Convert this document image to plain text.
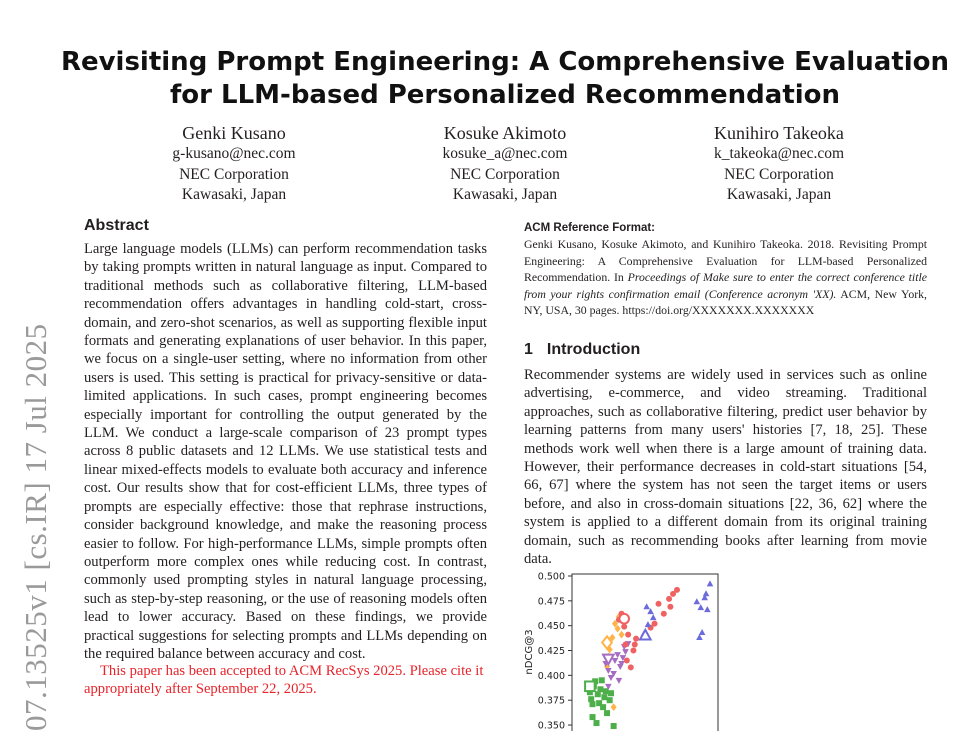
07.13525v1 [cs.IR] 17 Jul 2025
Revisiting Prompt Engineering: A Comprehensive Evaluation for LLM-based Personalized Recommendation
Genki Kusano
g-kusano@nec.com
NEC Corporation
Kawasaki, Japan
Kosuke Akimoto
kosuke_a@nec.com
NEC Corporation
Kawasaki, Japan
Kunihiro Takeoka
k_takeoka@nec.com
NEC Corporation
Kawasaki, Japan
Abstract
Large language models (LLMs) can perform recommendation tasks by taking prompts written in natural language as input. Compared to traditional methods such as collaborative filtering, LLM-based recommendation offers advantages in handling cold-start, cross-domain, and zero-shot scenarios, as well as supporting flexible input formats and generating explanations of user behavior. In this paper, we focus on a single-user setting, where no information from other users is used. This setting is practical for privacy-sensitive or data-limited applications. In such cases, prompt engineering becomes especially important for controlling the output generated by the LLM. We conduct a large-scale comparison of 23 prompt types across 8 public datasets and 12 LLMs. We use statistical tests and linear mixed-effects models to evaluate both accuracy and inference cost. Our results show that for cost-efficient LLMs, three types of prompts are especially effective: those that rephrase instructions, consider background knowledge, and make the reasoning process easier to follow. For high-performance LLMs, simple prompts often outperform more complex ones while reducing cost. In contrast, commonly used prompting styles in natural language processing, such as step-by-step reasoning, or the use of reasoning models often lead to lower accuracy. Based on these findings, we provide practical suggestions for selecting prompts and LLMs depending on the required balance between accuracy and cost.
This paper has been accepted to ACM RecSys 2025. Please cite it appropriately after September 22, 2025.
ACM Reference Format:
Genki Kusano, Kosuke Akimoto, and Kunihiro Takeoka. 2018. Revisiting Prompt Engineering: A Comprehensive Evaluation for LLM-based Personalized Recommendation. In Proceedings of Make sure to enter the correct conference title from your rights confirmation email (Conference acronym 'XX). ACM, New York, NY, USA, 30 pages. https://doi.org/XXXXXXX.XXXXXXX
1 Introduction
Recommender systems are widely used in services such as online advertising, e-commerce, and video streaming. Traditional approaches, such as collaborative filtering, predict user behavior by learning patterns from many users' histories [7, 18, 25]. These methods work well when there is a large amount of training data. However, their performance decreases in cold-start situations [54, 66, 67] where the system has not seen the target items or users before, and also in cross-domain situations [22, 36, 62] where the system is applied to a different domain from its original training domain, such as recommending books after learning from movie data.
0.500
0.475
0.450
0.425
0.400
0.375
0.350
nDCG@3
